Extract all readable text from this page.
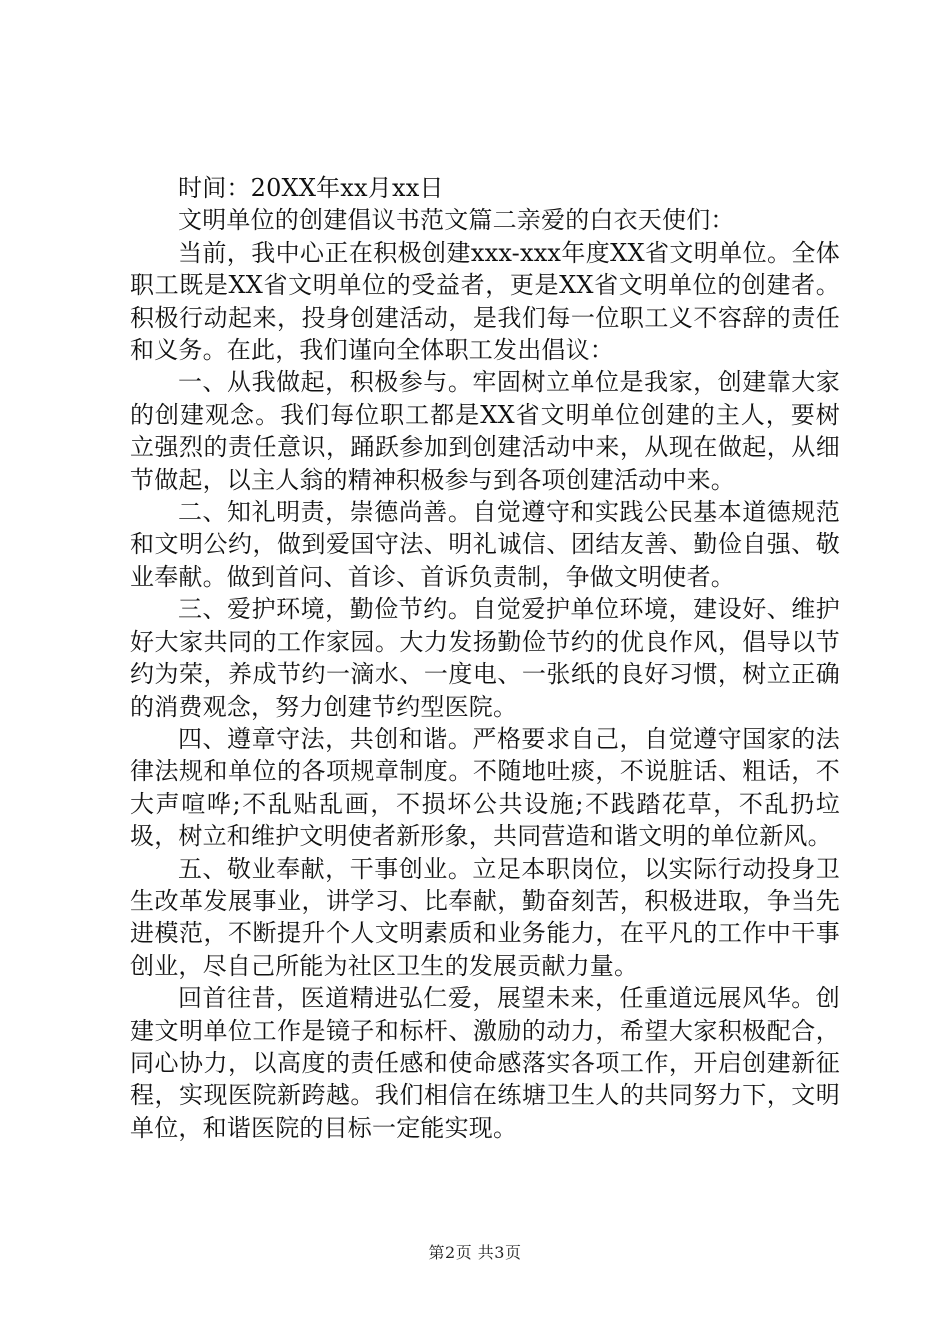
时间：20XX年xx月xx日

文明单位的创建倡议书范文篇二亲爱的白衣天使们：

当前，我中心正在积极创建xxx-xxx年度XX省文明单位。全体职工既是XX省文明单位的受益者，更是XX省文明单位的创建者。积极行动起来，投身创建活动，是我们每一位职工义不容辞的责任和义务。在此，我们谨向全体职工发出倡议：

一、从我做起，积极参与。牢固树立单位是我家，创建靠大家的创建观念。我们每位职工都是XX省文明单位创建的主人，要树立强烈的责任意识，踊跃参加到创建活动中来，从现在做起，从细节做起，以主人翁的精神积极参与到各项创建活动中来。

二、知礼明责，崇德尚善。自觉遵守和实践公民基本道德规范和文明公约，做到爱国守法、明礼诚信、团结友善、勤俭自强、敬业奉献。做到首问、首诊、首诉负责制，争做文明使者。

三、爱护环境，勤俭节约。自觉爱护单位环境，建设好、维护好大家共同的工作家园。大力发扬勤俭节约的优良作风，倡导以节约为荣，养成节约一滴水、一度电、一张纸的良好习惯，树立正确的消费观念，努力创建节约型医院。

四、遵章守法，共创和谐。严格要求自己，自觉遵守国家的法律法规和单位的各项规章制度。不随地吐痰，不说脏话、粗话，不大声喧哗;不乱贴乱画，不损坏公共设施;不践踏花草，不乱扔垃圾，树立和维护文明使者新形象，共同营造和谐文明的单位新风。

五、敬业奉献，干事创业。立足本职岗位，以实际行动投身卫生改革发展事业，讲学习、比奉献，勤奋刻苦，积极进取，争当先进模范，不断提升个人文明素质和业务能力，在平凡的工作中干事创业，尽自己所能为社区卫生的发展贡献力量。

回首往昔，医道精进弘仁爱，展望未来，任重道远展风华。创建文明单位工作是镜子和标杆、激励的动力，希望大家积极配合，同心协力，以高度的责任感和使命感落实各项工作，开启创建新征程，实现医院新跨越。我们相信在练塘卫生人的共同努力下，文明单位，和谐医院的目标一定能实现。

第2页 共3页
